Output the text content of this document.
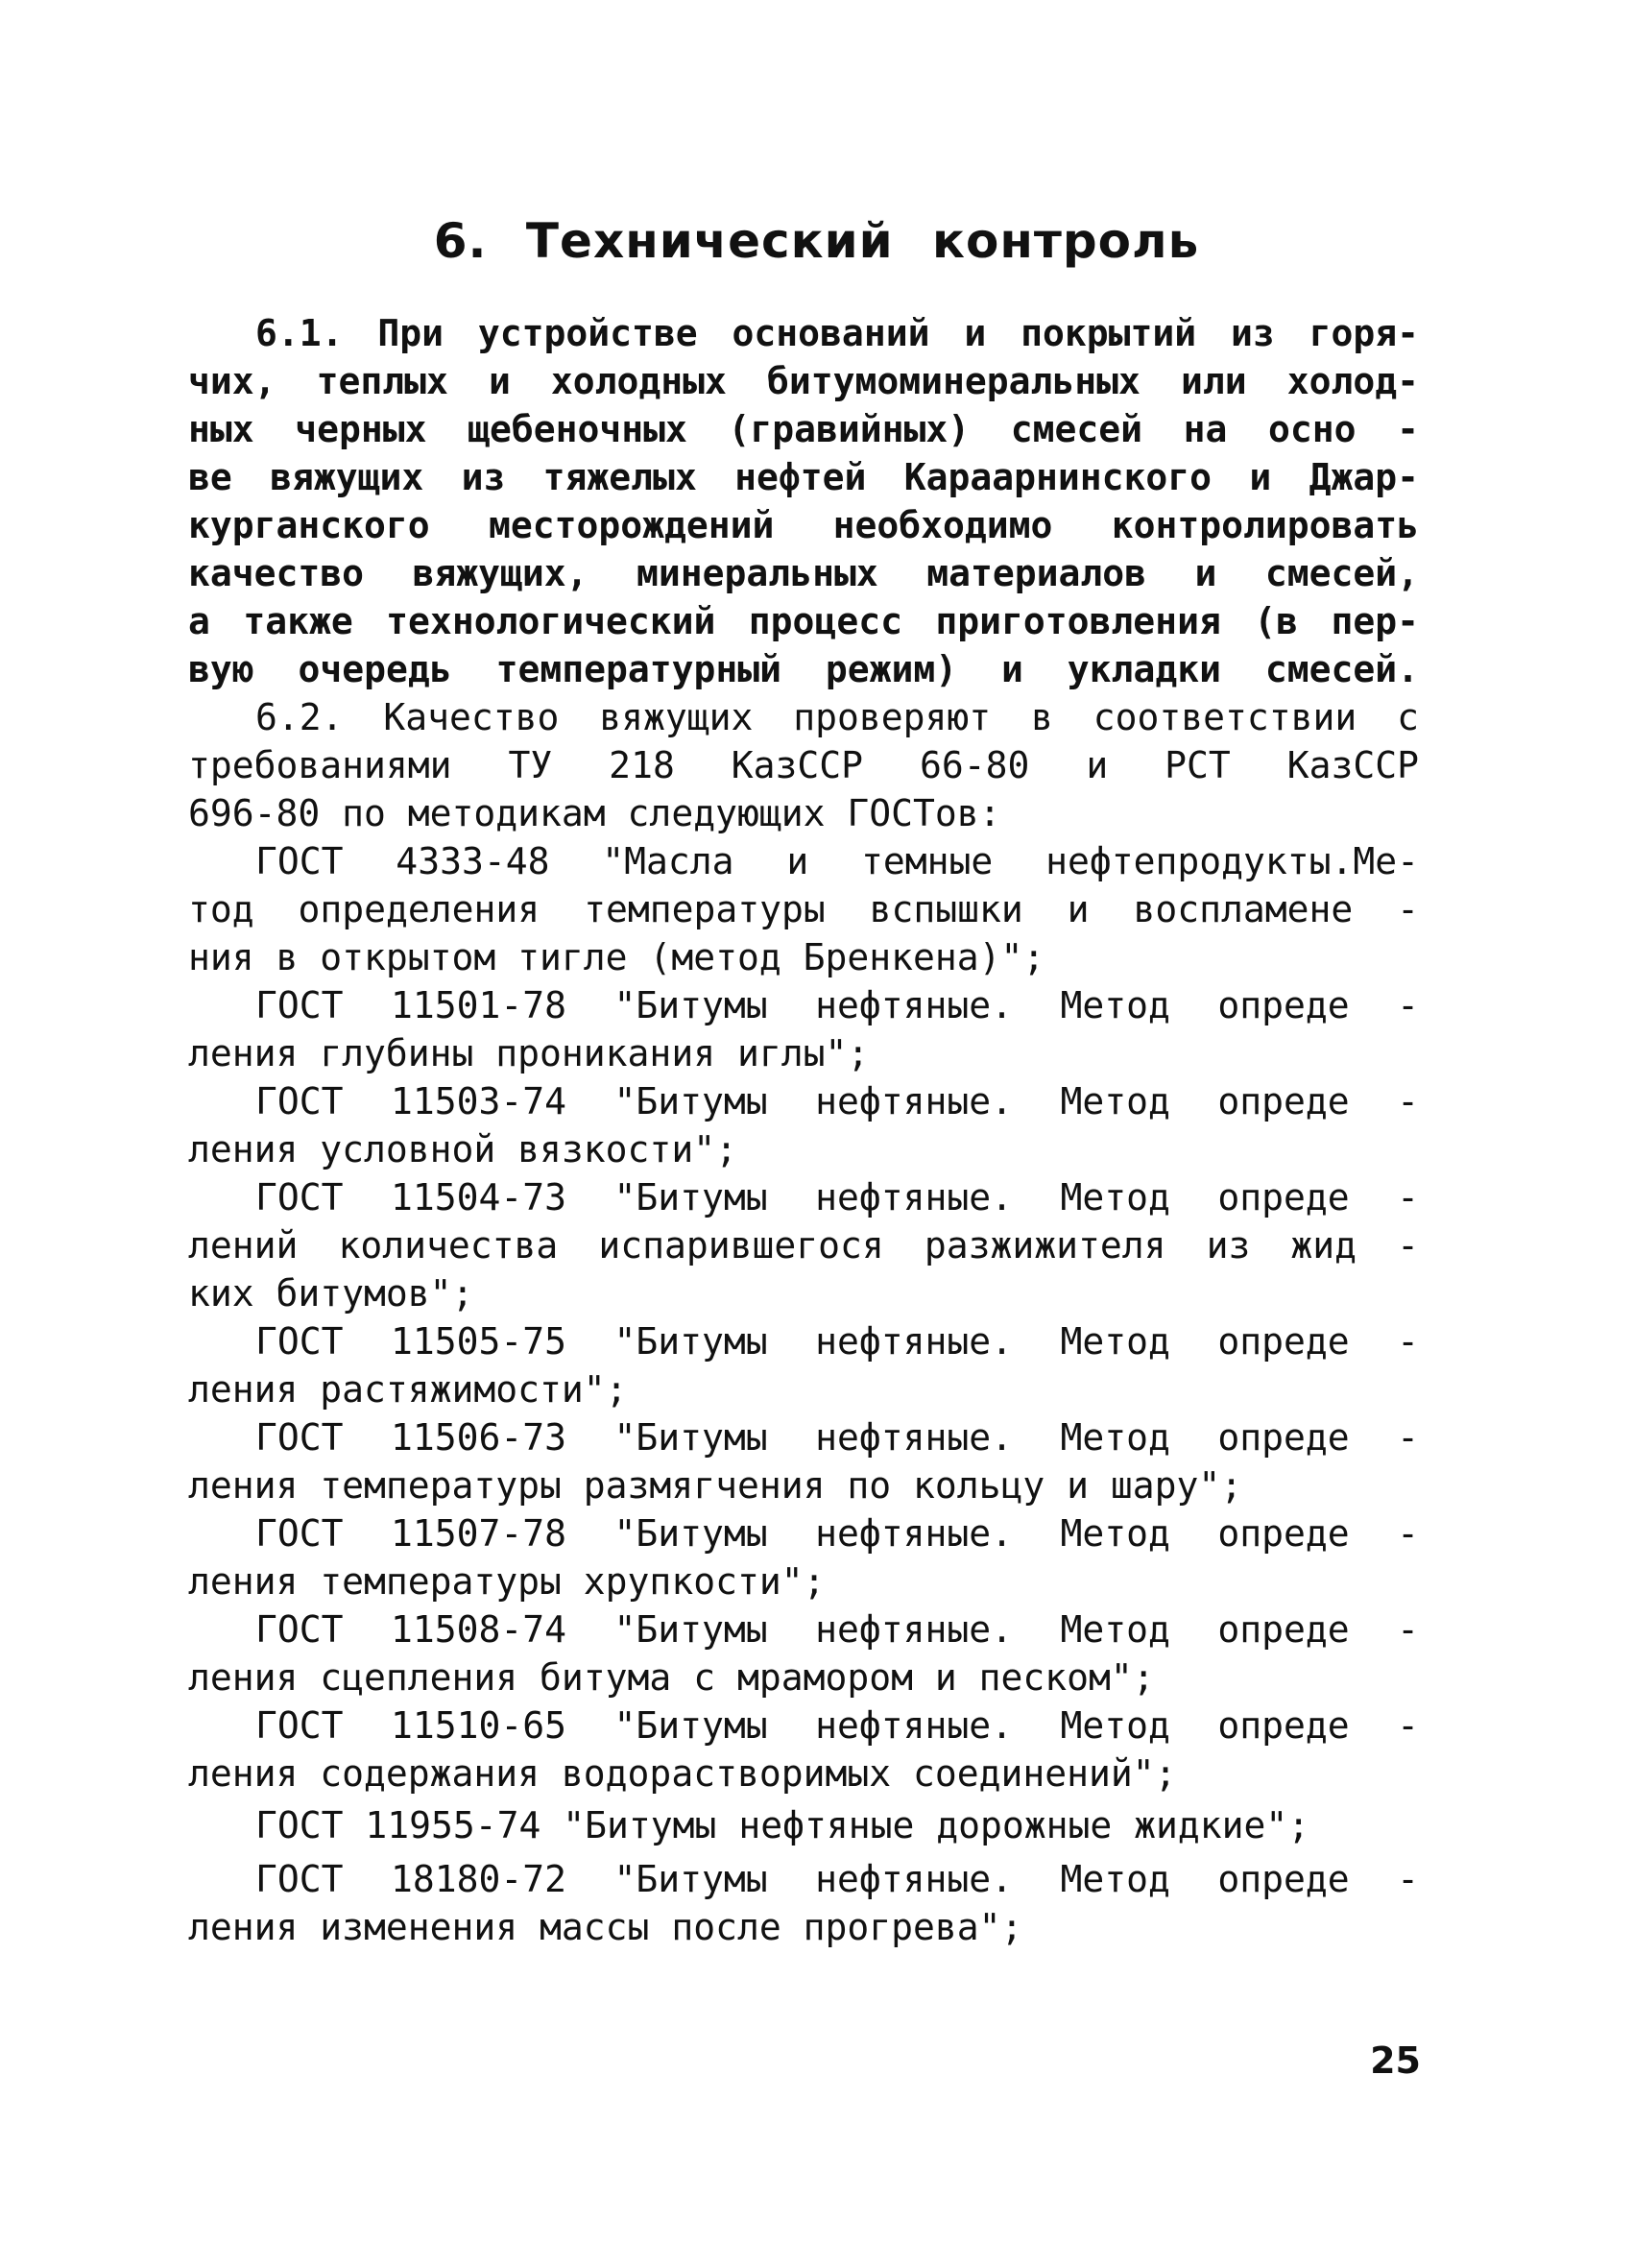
6. Технический контроль
6.1. При устройстве оснований и покрытий из горя-
чих, теплых и холодных битумоминеральных или холод-
ных черных щебеночных (гравийных) смесей на осно -
ве вяжущих из тяжелых нефтей Караарнинского и Джар-
курганского месторождений необходимо контролировать
качество вяжущих, минеральных материалов и смесей,
а также технологический процесс приготовления (в пер-
вую очередь температурный режим) и укладки смесей.
6.2. Качество вяжущих проверяют в соответствии с
требованиями ТУ 218 КазССР 66-80 и РСТ КазССР
696-80 по методикам следующих ГОСТов:
ГОСТ 4333-48 "Масла и темные нефтепродукты.Ме-
тод определения температуры вспышки и воспламене -
ния в открытом тигле (метод Бренкена)";
ГОСТ 11501-78 "Битумы нефтяные. Метод опреде -
ления глубины проникания иглы";
ГОСТ 11503-74 "Битумы нефтяные. Метод опреде -
ления условной вязкости";
ГОСТ 11504-73 "Битумы нефтяные. Метод опреде -
лений количества испарившегося разжижителя из жид -
ких битумов";
ГОСТ 11505-75 "Битумы нефтяные. Метод опреде -
ления растяжимости";
ГОСТ 11506-73 "Битумы нефтяные. Метод опреде -
ления температуры размягчения по кольцу и шару";
ГОСТ 11507-78 "Битумы нефтяные. Метод опреде -
ления температуры хрупкости";
ГОСТ 11508-74 "Битумы нефтяные. Метод опреде -
ления сцепления битума с мрамором и песком";
ГОСТ 11510-65 "Битумы нефтяные. Метод опреде -
ления содержания водорастворимых соединений";
ГОСТ 11955-74 "Битумы нефтяные дорожные жидкие";
ГОСТ 18180-72 "Битумы нефтяные. Метод опреде -
ления изменения массы после прогрева";
25
